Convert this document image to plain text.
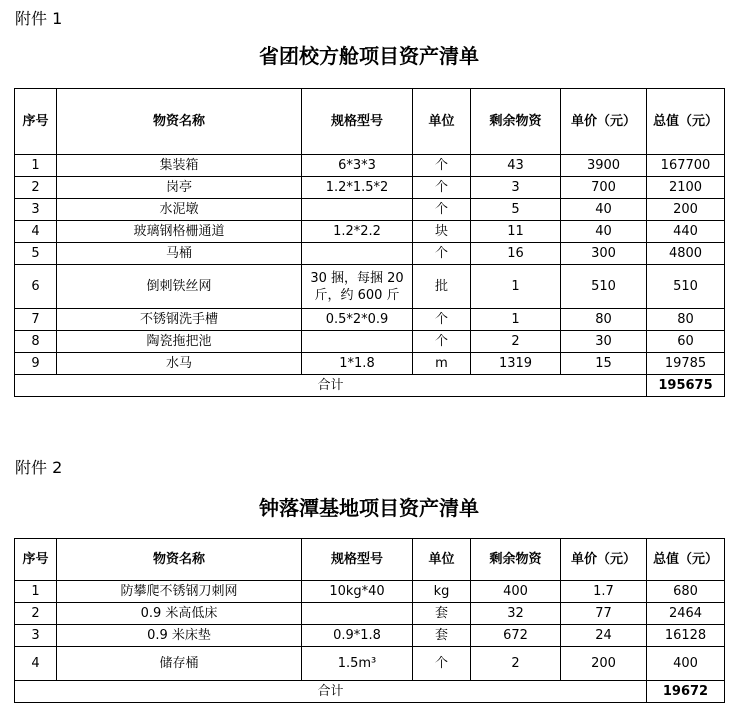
附件 1
省团校方舱项目资产清单
序号	物资名称	规格型号	单位	剩余物资	单价（元）	总值（元）
1	集装箱	6*3*3	个	43	3900	167700
2	岗亭	1.2*1.5*2	个	3	700	2100
3	水泥墩		个	5	40	200
4	玻璃钢格栅通道	1.2*2.2	块	11	40	440
5	马桶		个	16	300	4800
6	倒刺铁丝网	30 捆，每捆 20 斤，约 600 斤	批	1	510	510
7	不锈钢洗手槽	0.5*2*0.9	个	1	80	80
8	陶瓷拖把池		个	2	30	60
9	水马	1*1.8	m	1319	15	19785
合计						195675
附件 2
钟落潭基地项目资产清单
序号	物资名称	规格型号	单位	剩余物资	单价（元）	总值（元）
1	防攀爬不锈钢刀刺网	10kg*40	kg	400	1.7	680
2	0.9 米高低床		套	32	77	2464
3	0.9 米床垫	0.9*1.8	套	672	24	16128
4	储存桶	1.5m³	个	2	200	400
合计						19672
